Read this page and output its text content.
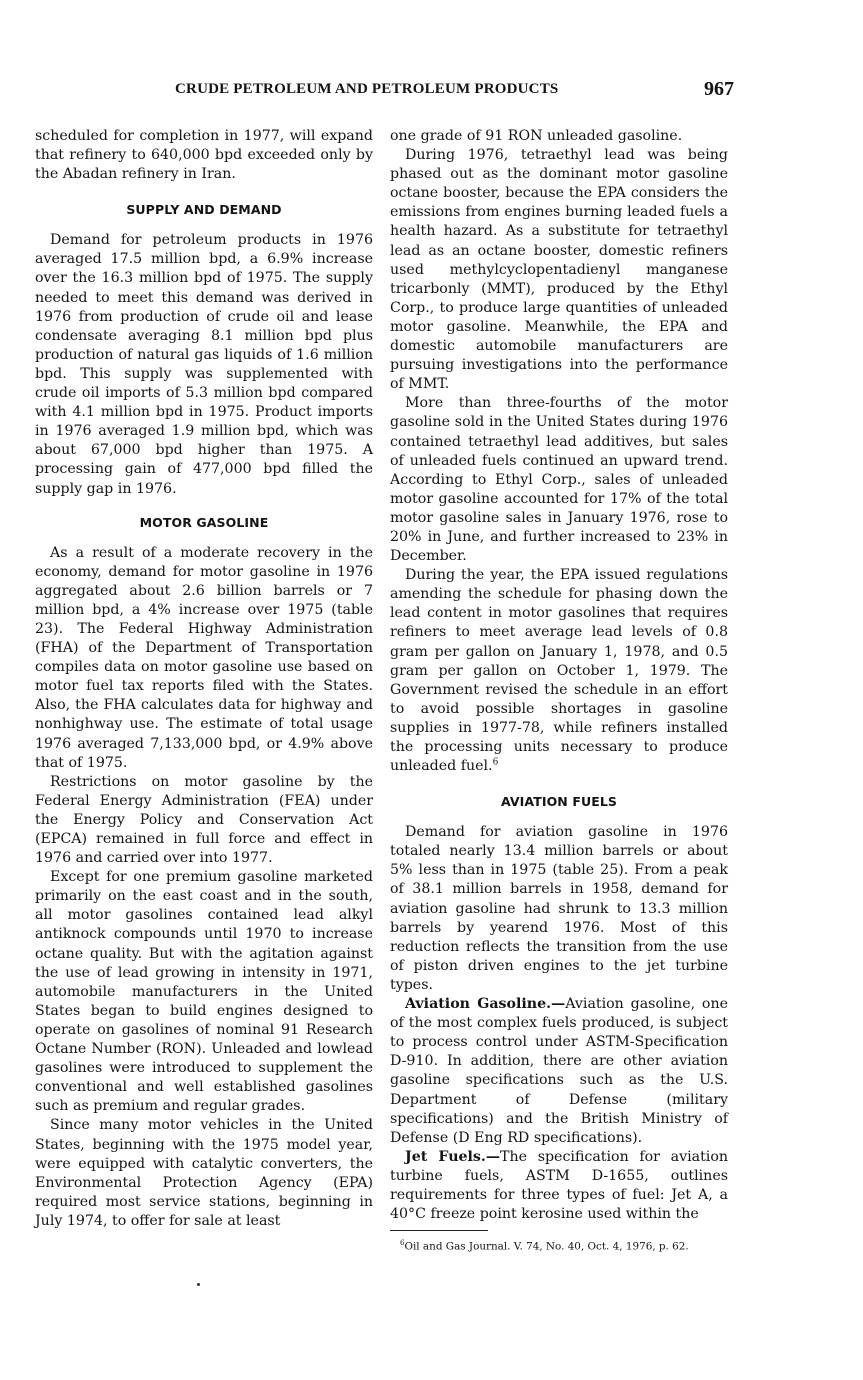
CRUDE PETROLEUM AND PETROLEUM PRODUCTS	967

scheduled for completion in 1977, will expand that refinery to 640,000 bpd exceeded only by the Abadan refinery in Iran.

SUPPLY AND DEMAND

Demand for petroleum products in 1976 averaged 17.5 million bpd, a 6.9% increase over the 16.3 million bpd of 1975. The supply needed to meet this demand was derived in 1976 from production of crude oil and lease condensate averaging 8.1 million bpd plus production of natural gas liquids of 1.6 million bpd. This supply was supplemented with crude oil imports of 5.3 million bpd compared with 4.1 million bpd in 1975. Product imports in 1976 averaged 1.9 million bpd, which was about 67,000 bpd higher than 1975. A processing gain of 477,000 bpd filled the supply gap in 1976.

MOTOR GASOLINE

As a result of a moderate recovery in the economy, demand for motor gasoline in 1976 aggregated about 2.6 billion barrels or 7 million bpd, a 4% increase over 1975 (table 23). The Federal Highway Administration (FHA) of the Department of Transportation compiles data on motor gasoline use based on motor fuel tax reports filed with the States. Also, the FHA calculates data for highway and nonhighway use. The estimate of total usage 1976 averaged 7,133,000 bpd, or 4.9% above that of 1975.

Restrictions on motor gasoline by the Federal Energy Administration (FEA) under the Energy Policy and Conservation Act (EPCA) remained in full force and effect in 1976 and carried over into 1977.

Except for one premium gasoline marketed primarily on the east coast and in the south, all motor gasolines contained lead alkyl antiknock compounds until 1970 to increase octane quality. But with the agitation against the use of lead growing in intensity in 1971, automobile manufacturers in the United States began to build engines designed to operate on gasolines of nominal 91 Research Octane Number (RON). Unleaded and lowlead gasolines were introduced to supplement the conventional and well established gasolines such as premium and regular grades.

Since many motor vehicles in the United States, beginning with the 1975 model year, were equipped with catalytic converters, the Environmental Protection Agency (EPA) required most service stations, beginning in July 1974, to offer for sale at least

one grade of 91 RON unleaded gasoline.

During 1976, tetraethyl lead was being phased out as the dominant motor gasoline octane booster, because the EPA considers the emissions from engines burning leaded fuels a health hazard. As a substitute for tetraethyl lead as an octane booster, domestic refiners used methylcyclopentadienyl manganese tricarbonly (MMT), produced by the Ethyl Corp., to produce large quantities of unleaded motor gasoline. Meanwhile, the EPA and domestic automobile manufacturers are pursuing investigations into the performance of MMT.

More than three-fourths of the motor gasoline sold in the United States during 1976 contained tetraethyl lead additives, but sales of unleaded fuels continued an upward trend. According to Ethyl Corp., sales of unleaded motor gasoline accounted for 17% of the total motor gasoline sales in January 1976, rose to 20% in June, and further increased to 23% in December.

During the year, the EPA issued regulations amending the schedule for phasing down the lead content in motor gasolines that requires refiners to meet average lead levels of 0.8 gram per gallon on January 1, 1978, and 0.5 gram per gallon on October 1, 1979. The Government revised the schedule in an effort to avoid possible shortages in gasoline supplies in 1977-78, while refiners installed the processing units necessary to produce unleaded fuel.$^6$

AVIATION FUELS

Demand for aviation gasoline in 1976 totaled nearly 13.4 million barrels or about 5% less than in 1975 (table 25). From a peak of 38.1 million barrels in 1958, demand for aviation gasoline had shrunk to 13.3 million barrels by yearend 1976. Most of this reduction reflects the transition from the use of piston driven engines to the jet turbine types.

Aviation Gasoline.—Aviation gasoline, one of the most complex fuels produced, is subject to process control under ASTM-Specification D-910. In addition, there are other aviation gasoline specifications such as the U.S. Department of Defense (military specifications) and the British Ministry of Defense (D Eng RD specifications).

Jet Fuels.—The specification for aviation turbine fuels, ASTM D-1655, outlines requirements for three types of fuel: Jet A, a 40°C freeze point kerosine used within the

$^6$Oil and Gas Journal. V. 74, No. 40, Oct. 4, 1976, p. 62.
